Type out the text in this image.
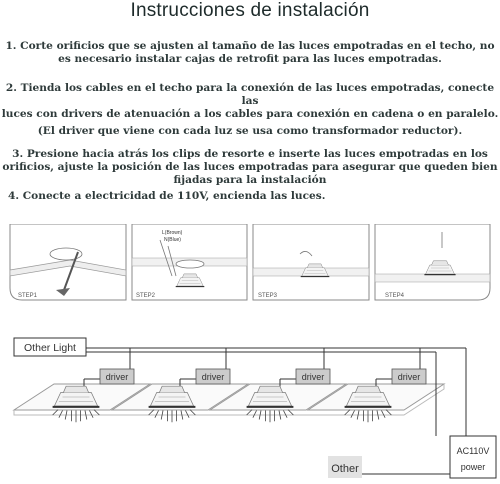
Instrucciones de instalación
1. Corte orificios que se ajusten al tamaño de las luces empotradas en el techo, no
es necesario instalar cajas de retrofit para las luces empotradas.
2. Tienda los cables en el techo para la conexión de las luces empotradas, conecte las
luces con drivers de atenuación a los cables para conexión en cadena o en paralelo.
(El driver que viene con cada luz se usa como transformador reductor).
3. Presione hacia atrás los clips de resorte e inserte las luces empotradas en los
orificios, ajuste la posición de las luces empotradas para asegurar que queden bien
fijadas para la instalación
4. Conecte a electricidad de 110V, encienda las luces.
STEP1
L(Brown)
N(Blue)
STEP2	STEP3	STEP4
Other Light
driver	driver	driver	driver
Other
AC110V
power
